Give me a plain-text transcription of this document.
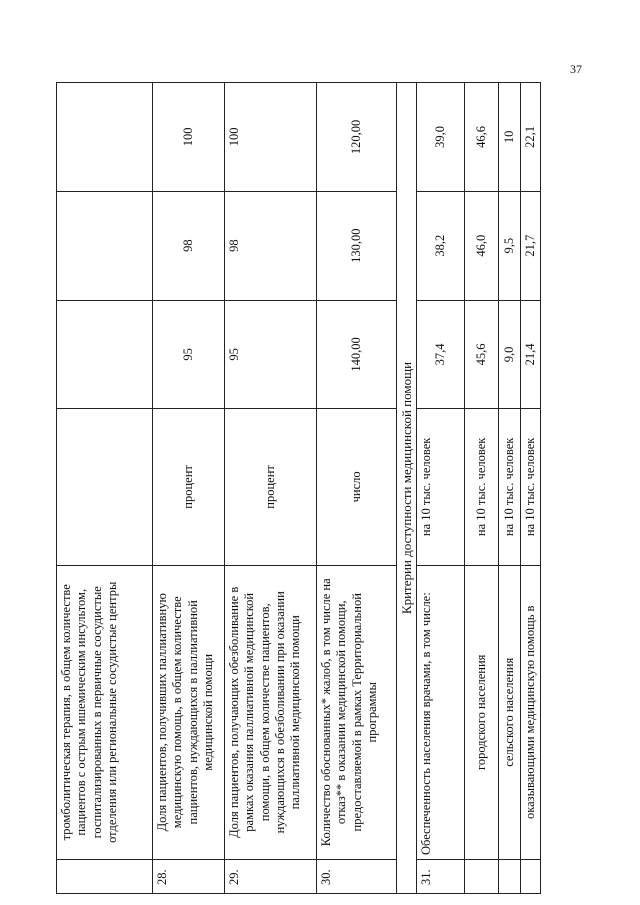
37
	тромболитическая терапия, в общем количестве пациентов с острым ишемическим инсультом, госпитализированных в первичные сосудистые отделения или региональные сосудистые центры				
28.	Доля пациентов, получивших паллиативную медицинскую помощь, в общем количестве пациентов, нуждающихся в паллиативной медицинской помощи	процент	95	98	100
29.	Доля пациентов, получающих обезболивание в рамках оказания паллиативной медицинской помощи, в общем количестве пациентов, нуждающихся в обезболивании при оказании паллиативной медицинской помощи	процент	95	98	100
30.	Количество обоснованных* жалоб, в том числе на отказ** в оказании медицинской помощи, предоставляемой в рамках Территориальной программы	число	140,00	130,00	120,00
Критерии доступности медицинской помощи					
31.	Обеспеченность населения врачами, в том числе:	на 10 тыс. человек	37,4	38,2	39,0
	городского населения	на 10 тыс. человек	45,6	46,0	46,6
	сельского населения	на 10 тыс. человек	9,0	9,5	10
	оказывающими медицинскую помощь в	на 10 тыс. человек	21,4	21,7	22,1
